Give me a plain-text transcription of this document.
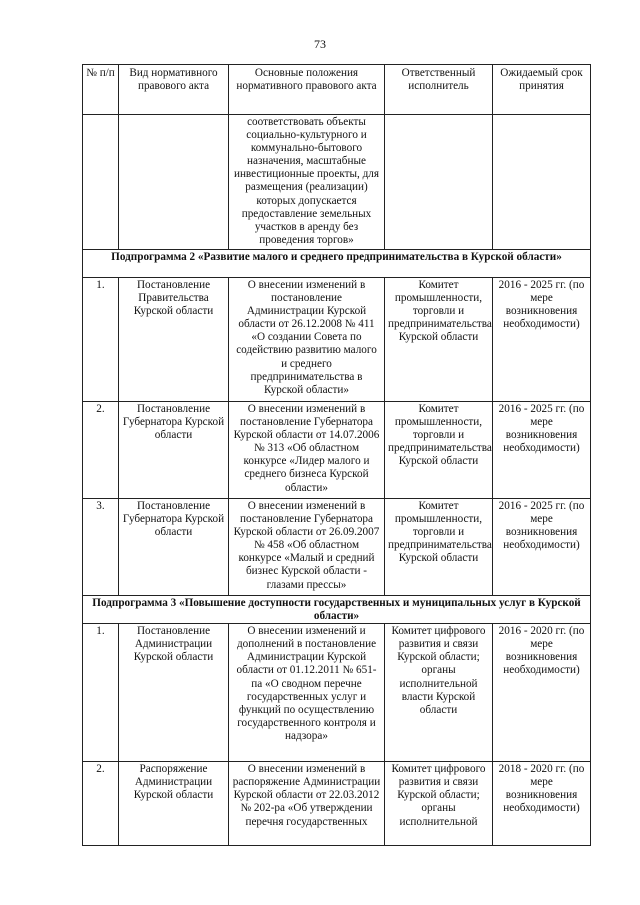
73
№ п/п	Вид нормативного правового акта	Основные положения нормативного правового акта	Ответственный исполнитель	Ожидаемый срок принятия
		соответствовать объекты социально-культурного и коммунально-бытового назначения, масштабные инвестиционные проекты, для размещения (реализации) которых допускается предоставление земельных участков в аренду без проведения торгов»		
Подпрограмма 2 «Развитие малого и среднего предпринимательства в Курской области»				
1.	Постановление Правительства Курской области	О внесении изменений в постановление Администрации Курской области от 26.12.2008 № 411 «О создании Совета по содействию развитию малого и среднего предпринимательства в Курской области»	Комитет промышленности, торговли и предпринимательства Курской области	2016 - 2025 гг. (по мере возникновения необходимости)
2.	Постановление Губернатора Курской области	О внесении изменений в постановление Губернатора Курской области от 14.07.2006 № 313 «Об областном конкурсе «Лидер малого и среднего бизнеса Курской области»	Комитет промышленности, торговли и предпринимательства Курской области	2016 - 2025 гг. (по мере возникновения необходимости)
3.	Постановление Губернатора Курской области	О внесении изменений в постановление Губернатора Курской области от 26.09.2007 № 458 «Об областном конкурсе «Малый и средний бизнес Курской области - глазами прессы»	Комитет промышленности, торговли и предпринимательства Курской области	2016 - 2025 гг. (по мере возникновения необходимости)
Подпрограмма 3 «Повышение доступности государственных и муниципальных услуг в Курской области»				
1.	Постановление Администрации Курской области	О внесении изменений и дополнений в постановление Администрации Курской области от 01.12.2011 № 651-па «О сводном перечне государственных услуг и функций по осуществлению государственного контроля и надзора»	Комитет цифрового развития и связи Курской области; органы исполнительной власти Курской области	2016 - 2020 гг. (по мере возникновения необходимости)
2.	Распоряжение Администрации Курской области	О внесении изменений в распоряжение Администрации Курской области от 22.03.2012 № 202-ра «Об утверждении перечня государственных	Комитет цифрового развития и связи Курской области; органы исполнительной	2018 - 2020 гг. (по мере возникновения необходимости)
